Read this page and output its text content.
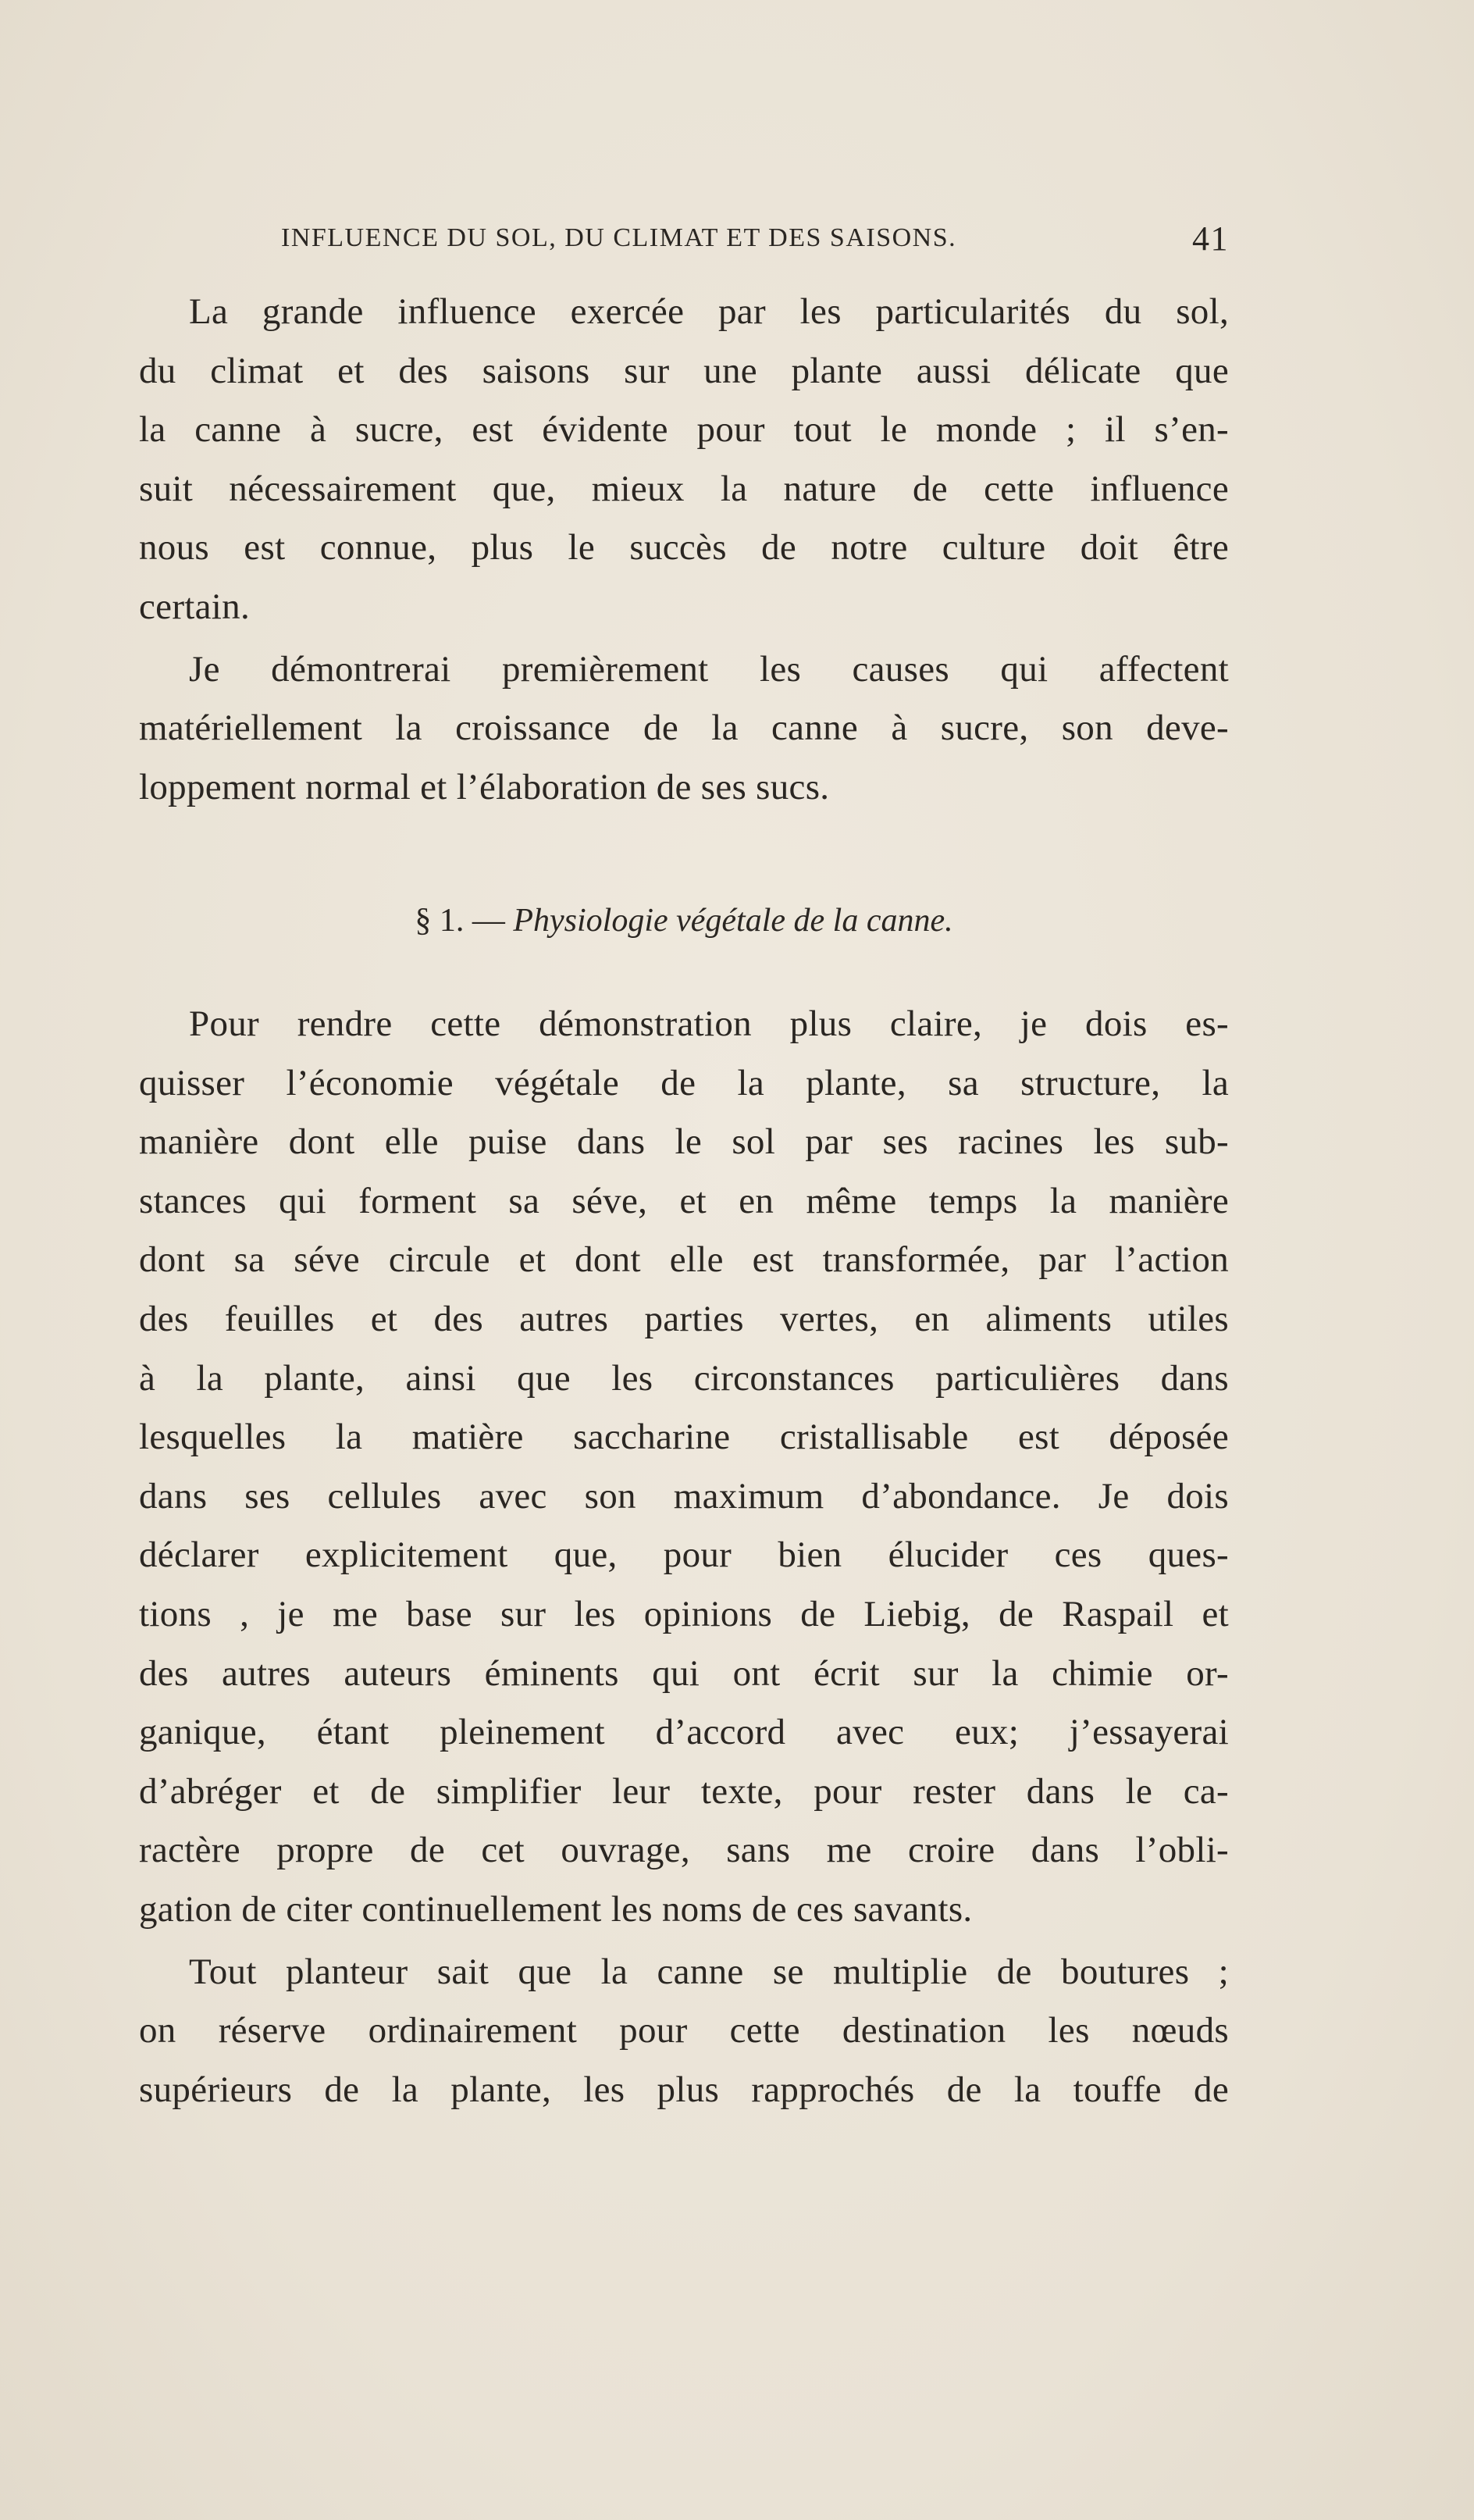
INFLUENCE DU SOL, DU CLIMAT ET DES SAISONS.	41

La grande influence exercée par les particularités du sol,
du climat et des saisons sur une plante aussi délicate que
la canne à sucre, est évidente pour tout le monde ; il s’en-
suit nécessairement que, mieux la nature de cette influence
nous est connue, plus le succès de notre culture doit être
certain.

Je démontrerai premièrement les causes qui affectent
matériellement la croissance de la canne à sucre, son deve-
loppement normal et l’élaboration de ses sucs.

§ 1. — Physiologie végétale de la canne.

Pour rendre cette démonstration plus claire, je dois es-
quisser l’économie végétale de la plante, sa structure, la
manière dont elle puise dans le sol par ses racines les sub-
stances qui forment sa séve, et en même temps la manière
dont sa séve circule et dont elle est transformée, par l’action
des feuilles et des autres parties vertes, en aliments utiles
à la plante, ainsi que les circonstances particulières dans
lesquelles la matière saccharine cristallisable est déposée
dans ses cellules avec son maximum d’abondance. Je dois
déclarer explicitement que, pour bien élucider ces ques-
tions , je me base sur les opinions de Liebig, de Raspail et
des autres auteurs éminents qui ont écrit sur la chimie or-
ganique, étant pleinement d’accord avec eux; j’essayerai
d’abréger et de simplifier leur texte, pour rester dans le ca-
ractère propre de cet ouvrage, sans me croire dans l’obli-
gation de citer continuellement les noms de ces savants.

Tout planteur sait que la canne se multiplie de boutures ;
on réserve ordinairement pour cette destination les nœuds
supérieurs de la plante, les plus rapprochés de la touffe de
